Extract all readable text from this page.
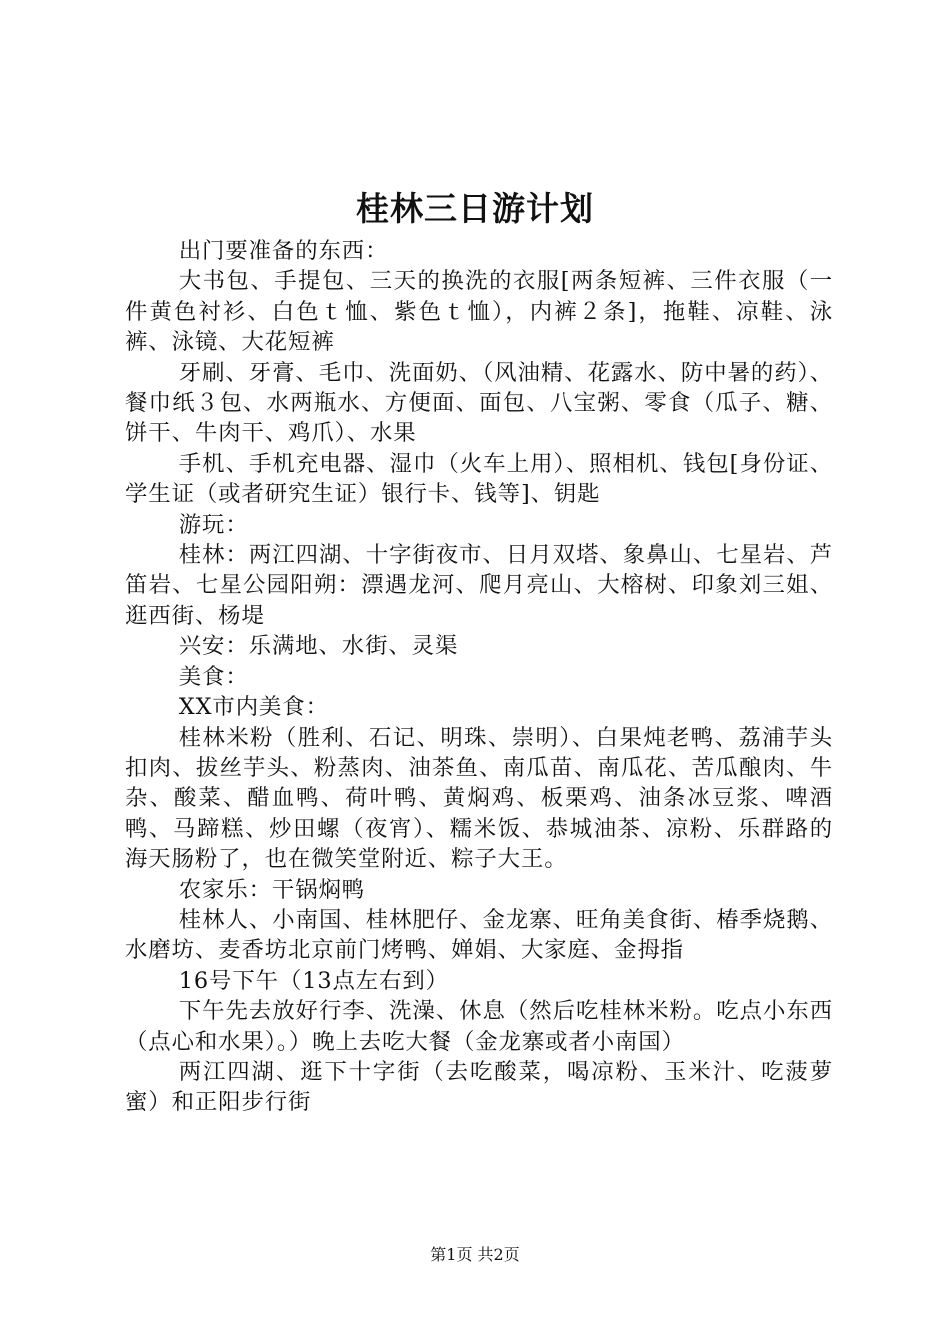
桂林三日游计划

出门要准备的东西：

大书包、手提包、三天的换洗的衣服[两条短裤、三件衣服（一件黄色衬衫、白色ｔ恤、紫色ｔ恤），内裤２条]，拖鞋、凉鞋、泳裤、泳镜、大花短裤

牙刷、牙膏、毛巾、洗面奶、（风油精、花露水、防中暑的药）、餐巾纸３包、水两瓶水、方便面、面包、八宝粥、零食（瓜子、糖、饼干、牛肉干、鸡爪）、水果

手机、手机充电器、湿巾（火车上用）、照相机、钱包[身份证、学生证（或者研究生证）银行卡、钱等]、钥匙

游玩：

桂林：两江四湖、十字街夜市、日月双塔、象鼻山、七星岩、芦笛岩、七星公园阳朔：漂遇龙河、爬月亮山、大榕树、印象刘三姐、逛西街、杨堤

兴安：乐满地、水街、灵渠

美食：

XX市内美食：

桂林米粉（胜利、石记、明珠、崇明）、白果炖老鸭、荔浦芋头扣肉、拔丝芋头、粉蒸肉、油茶鱼、南瓜苗、南瓜花、苦瓜酿肉、牛杂、酸菜、醋血鸭、荷叶鸭、黄焖鸡、板栗鸡、油条冰豆浆、啤酒鸭、马蹄糕、炒田螺（夜宵）、糯米饭、恭城油茶、凉粉、乐群路的海天肠粉了，也在微笑堂附近、粽子大王。

农家乐：干锅焖鸭

桂林人、小南国、桂林肥仔、金龙寨、旺角美食街、椿季烧鹅、水磨坊、麦香坊北京前门烤鸭、婵娟、大家庭、金拇指

16号下午（13点左右到）

下午先去放好行李、洗澡、休息（然后吃桂林米粉。吃点小东西（点心和水果）。）晚上去吃大餐（金龙寨或者小南国）

两江四湖、逛下十字街（去吃酸菜，喝凉粉、玉米汁、吃菠萝蜜）和正阳步行街

第1页 共2页
